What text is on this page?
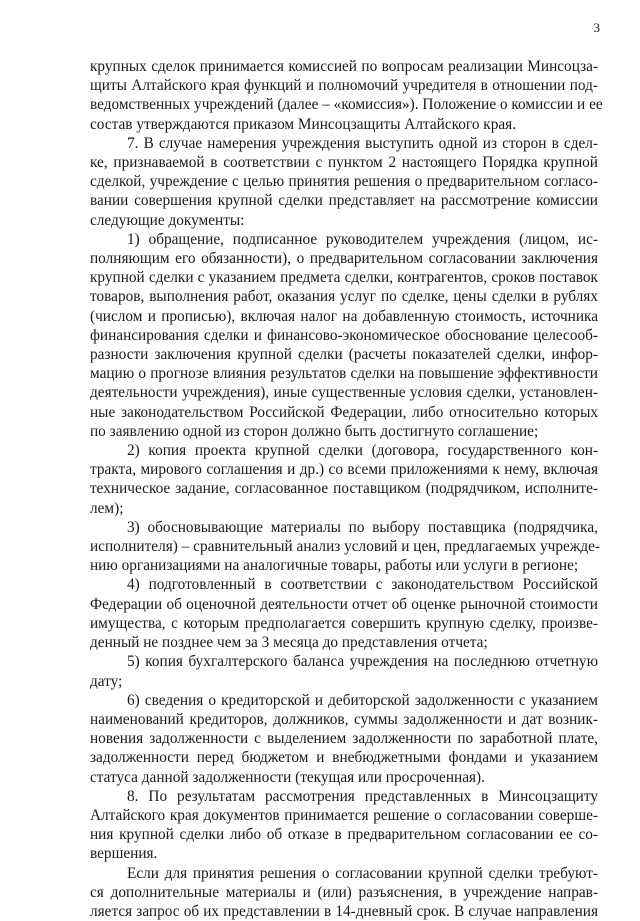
3

крупных сделок принимается комиссией по вопросам реализации Минсоцза-
щиты Алтайского края функций и полномочий учредителя в отношении под-
ведомственных учреждений (далее – «комиссия»). Положение о комиссии и ее
состав утверждаются приказом Минсоцзащиты Алтайского края.

7. В случае намерения учреждения выступить одной из сторон в сдел-
ке, признаваемой в соответствии с пунктом 2 настоящего Порядка крупной
сделкой, учреждение с целью принятия решения о предварительном согласо-
вании совершения крупной сделки представляет на рассмотрение комиссии
следующие документы:

1) обращение, подписанное руководителем учреждения (лицом, ис-
полняющим его обязанности), о предварительном согласовании заключения
крупной сделки с указанием предмета сделки, контрагентов, сроков поставок
товаров, выполнения работ, оказания услуг по сделке, цены сделки в рублях
(числом и прописью), включая налог на добавленную стоимость, источника
финансирования сделки и финансово-экономическое обоснование целесооб-
разности заключения крупной сделки (расчеты показателей сделки, инфор-
мацию о прогнозе влияния результатов сделки на повышение эффективности
деятельности учреждения), иные существенные условия сделки, установлен-
ные законодательством Российской Федерации, либо относительно которых
по заявлению одной из сторон должно быть достигнуто соглашение;

2) копия проекта крупной сделки (договора, государственного кон-
тракта, мирового соглашения и др.) со всеми приложениями к нему, включая
техническое задание, согласованное поставщиком (подрядчиком, исполните-
лем);

3) обосновывающие материалы по выбору поставщика (подрядчика,
исполнителя) – сравнительный анализ условий и цен, предлагаемых учрежде-
нию организациями на аналогичные товары, работы или услуги в регионе;

4) подготовленный в соответствии с законодательством Российской
Федерации об оценочной деятельности отчет об оценке рыночной стоимости
имущества, с которым предполагается совершить крупную сделку, произве-
денный не позднее чем за 3 месяца до представления отчета;

5) копия бухгалтерского баланса учреждения на последнюю отчетную
дату;

6) сведения о кредиторской и дебиторской задолженности с указанием
наименований кредиторов, должников, суммы задолженности и дат возник-
новения задолженности с выделением задолженности по заработной плате,
задолженности перед бюджетом и внебюджетными фондами и указанием
статуса данной задолженности (текущая или просроченная).

8. По результатам рассмотрения представленных в Минсоцзащиту
Алтайского края документов принимается решение о согласовании соверше-
ния крупной сделки либо об отказе в предварительном согласовании ее со-
вершения.

Если для принятия решения о согласовании крупной сделки требуют-
ся дополнительные материалы и (или) разъяснения, в учреждение направ-
ляется запрос об их представлении в 14-дневный срок. В случае направления
